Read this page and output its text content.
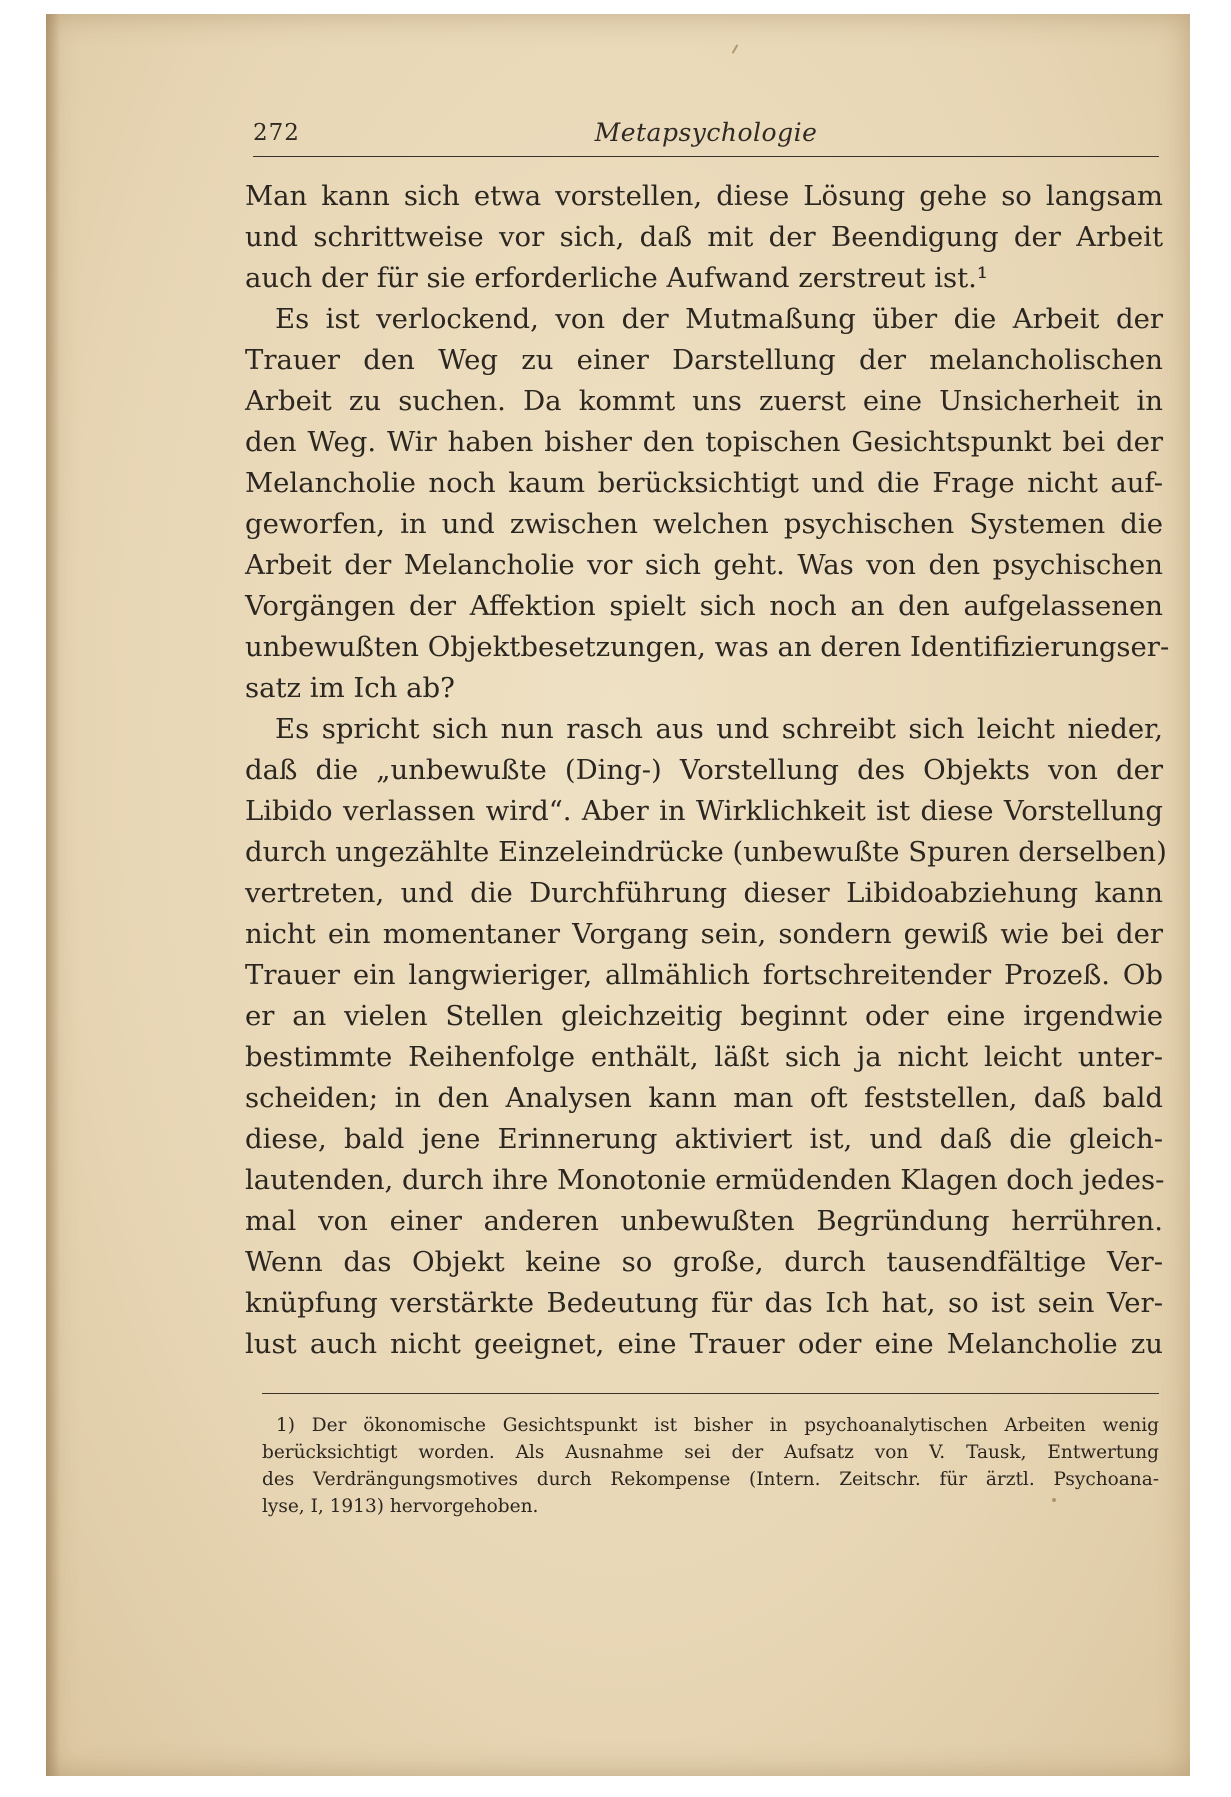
272	Metapsychologie
Man kann sich etwa vorstellen, diese Lösung gehe so langsam
und schrittweise vor sich, daß mit der Beendigung der Arbeit
auch der für sie erforderliche Aufwand zerstreut ist.¹
Es ist verlockend, von der Mutmaßung über die Arbeit der
Trauer den Weg zu einer Darstellung der melancholischen
Arbeit zu suchen. Da kommt uns zuerst eine Unsicherheit in
den Weg. Wir haben bisher den topischen Gesichtspunkt bei der
Melancholie noch kaum berücksichtigt und die Frage nicht auf-
geworfen, in und zwischen welchen psychischen Systemen die
Arbeit der Melancholie vor sich geht. Was von den psychischen
Vorgängen der Affektion spielt sich noch an den aufgelassenen
unbewußten Objektbesetzungen, was an deren Identifizierungser-
satz im Ich ab?
Es spricht sich nun rasch aus und schreibt sich leicht nieder,
daß die „unbewußte (Ding-) Vorstellung des Objekts von der
Libido verlassen wird“. Aber in Wirklichkeit ist diese Vorstellung
durch ungezählte Einzeleindrücke (unbewußte Spuren derselben)
vertreten, und die Durchführung dieser Libidoabziehung kann
nicht ein momentaner Vorgang sein, sondern gewiß wie bei der
Trauer ein langwieriger, allmählich fortschreitender Prozeß. Ob
er an vielen Stellen gleichzeitig beginnt oder eine irgendwie
bestimmte Reihenfolge enthält, läßt sich ja nicht leicht unter-
scheiden; in den Analysen kann man oft feststellen, daß bald
diese, bald jene Erinnerung aktiviert ist, und daß die gleich-
lautenden, durch ihre Monotonie ermüdenden Klagen doch jedes-
mal von einer anderen unbewußten Begründung herrühren.
Wenn das Objekt keine so große, durch tausendfältige Ver-
knüpfung verstärkte Bedeutung für das Ich hat, so ist sein Ver-
lust auch nicht geeignet, eine Trauer oder eine Melancholie zu
1) Der ökonomische Gesichtspunkt ist bisher in psychoanalytischen Arbeiten wenig
berücksichtigt worden. Als Ausnahme sei der Aufsatz von V. Tausk, Entwertung
des Verdrängungsmotives durch Rekompense (Intern. Zeitschr. für ärztl. Psychoana-
lyse, I, 1913) hervorgehoben.
